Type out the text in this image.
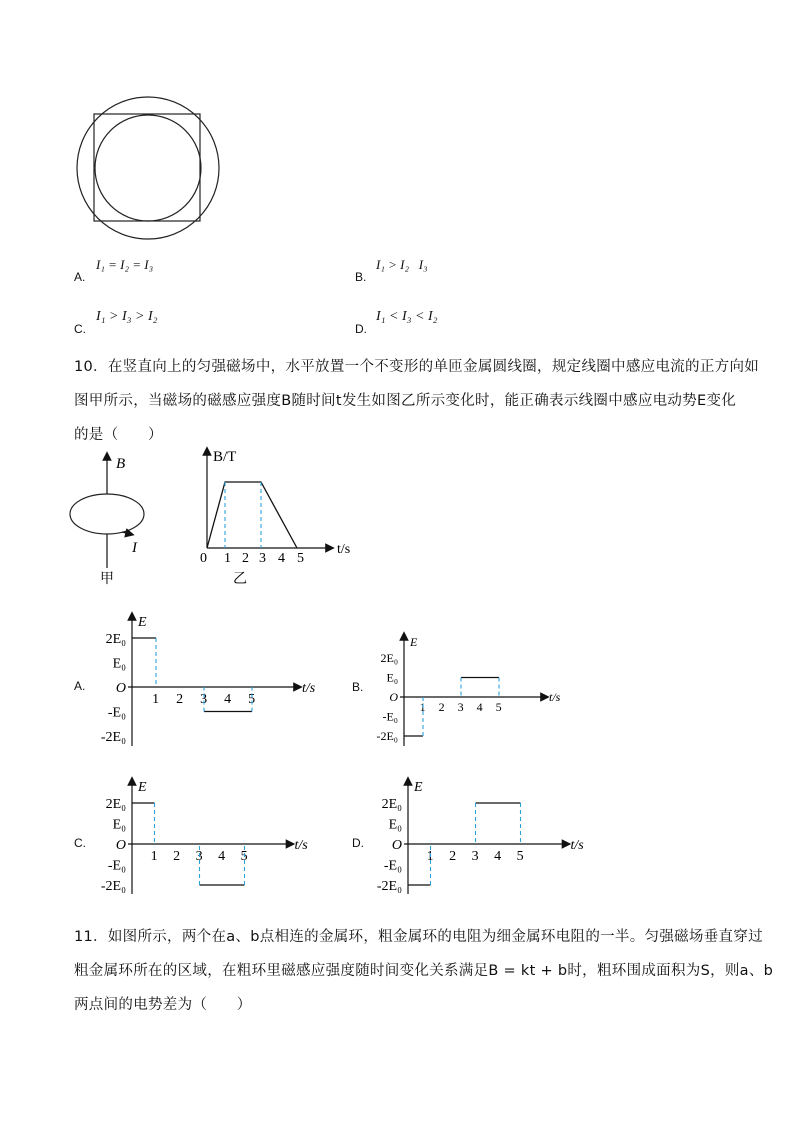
A.
I₁ = I₂ = I₃
B.
I₁ > I₂   I₃
C.
I₁ > I₃ > I₂
D.
I₁ < I₃ < I₂
10．在竖直向上的匀强磁场中，水平放置一个不变形的单匝金属圆线圈，规定线圈中感应电流的正方向如
图甲所示，当磁场的磁感应强度B随时间t发生如图乙所示变化时，能正确表示线圈中感应电动势E变化
的是（　　）
B
I
甲
B/T
t/s
0 1 2 3 4 5
乙
A.	B.
C.	D.
E
2E₀
E₀
-E₀
-2E₀
O
1 2 3 4 5
t/s
E
2E₀
E₀
-E₀
-2E₀
O
1 2 3 4 5
t/s
E
2E₀
E₀
-E₀
-2E₀
O
1 2 3 4 5
t/s
E
2E₀
E₀
-E₀
-2E₀
O
1 2 3 4 5
t/s
11．如图所示，两个在a、b点相连的金属环，粗金属环的电阻为细金属环电阻的一半。匀强磁场垂直穿过
粗金属环所在的区域，在粗环里磁感应强度随时间变化关系满足B = kt + b时，粗环围成面积为S，则a、b
两点间的电势差为（　　）
